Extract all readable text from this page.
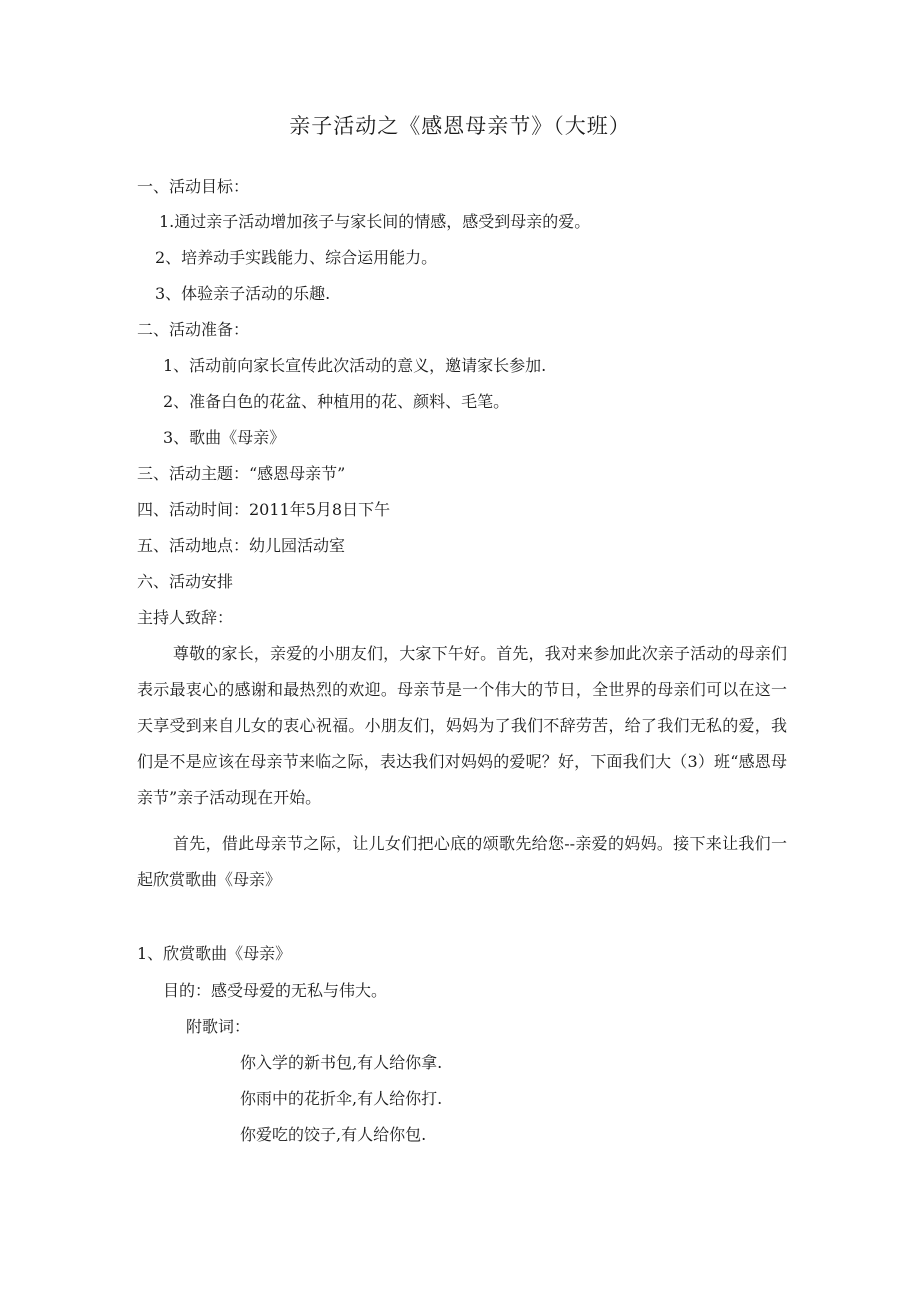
亲子活动之《感恩母亲节》（大班）
一、活动目标：
1.通过亲子活动增加孩子与家长间的情感，感受到母亲的爱。
2、培养动手实践能力、综合运用能力。
3、体验亲子活动的乐趣.
二、活动准备：
1、活动前向家长宣传此次活动的意义，邀请家长参加.
2、准备白色的花盆、种植用的花、颜料、毛笔。
3、歌曲《母亲》
三、活动主题：“感恩母亲节”
四、活动时间：2011年5月8日下午
五、活动地点：幼儿园活动室
六、活动安排
主持人致辞：
尊敬的家长，亲爱的小朋友们，大家下午好。首先，我对来参加此次亲子活动的母亲们表示最衷心的感谢和最热烈的欢迎。母亲节是一个伟大的节日，全世界的母亲们可以在这一天享受到来自儿女的衷心祝福。小朋友们，妈妈为了我们不辞劳苦，给了我们无私的爱，我们是不是应该在母亲节来临之际，表达我们对妈妈的爱呢？好，下面我们大（3）班“感恩母亲节”亲子活动现在开始。
首先，借此母亲节之际，让儿女们把心底的颂歌先给您--亲爱的妈妈。接下来让我们一起欣赏歌曲《母亲》
1、欣赏歌曲《母亲》
目的：感受母爱的无私与伟大。
附歌词：
你入学的新书包,有人给你拿.
你雨中的花折伞,有人给你打.
你爱吃的饺子,有人给你包.
